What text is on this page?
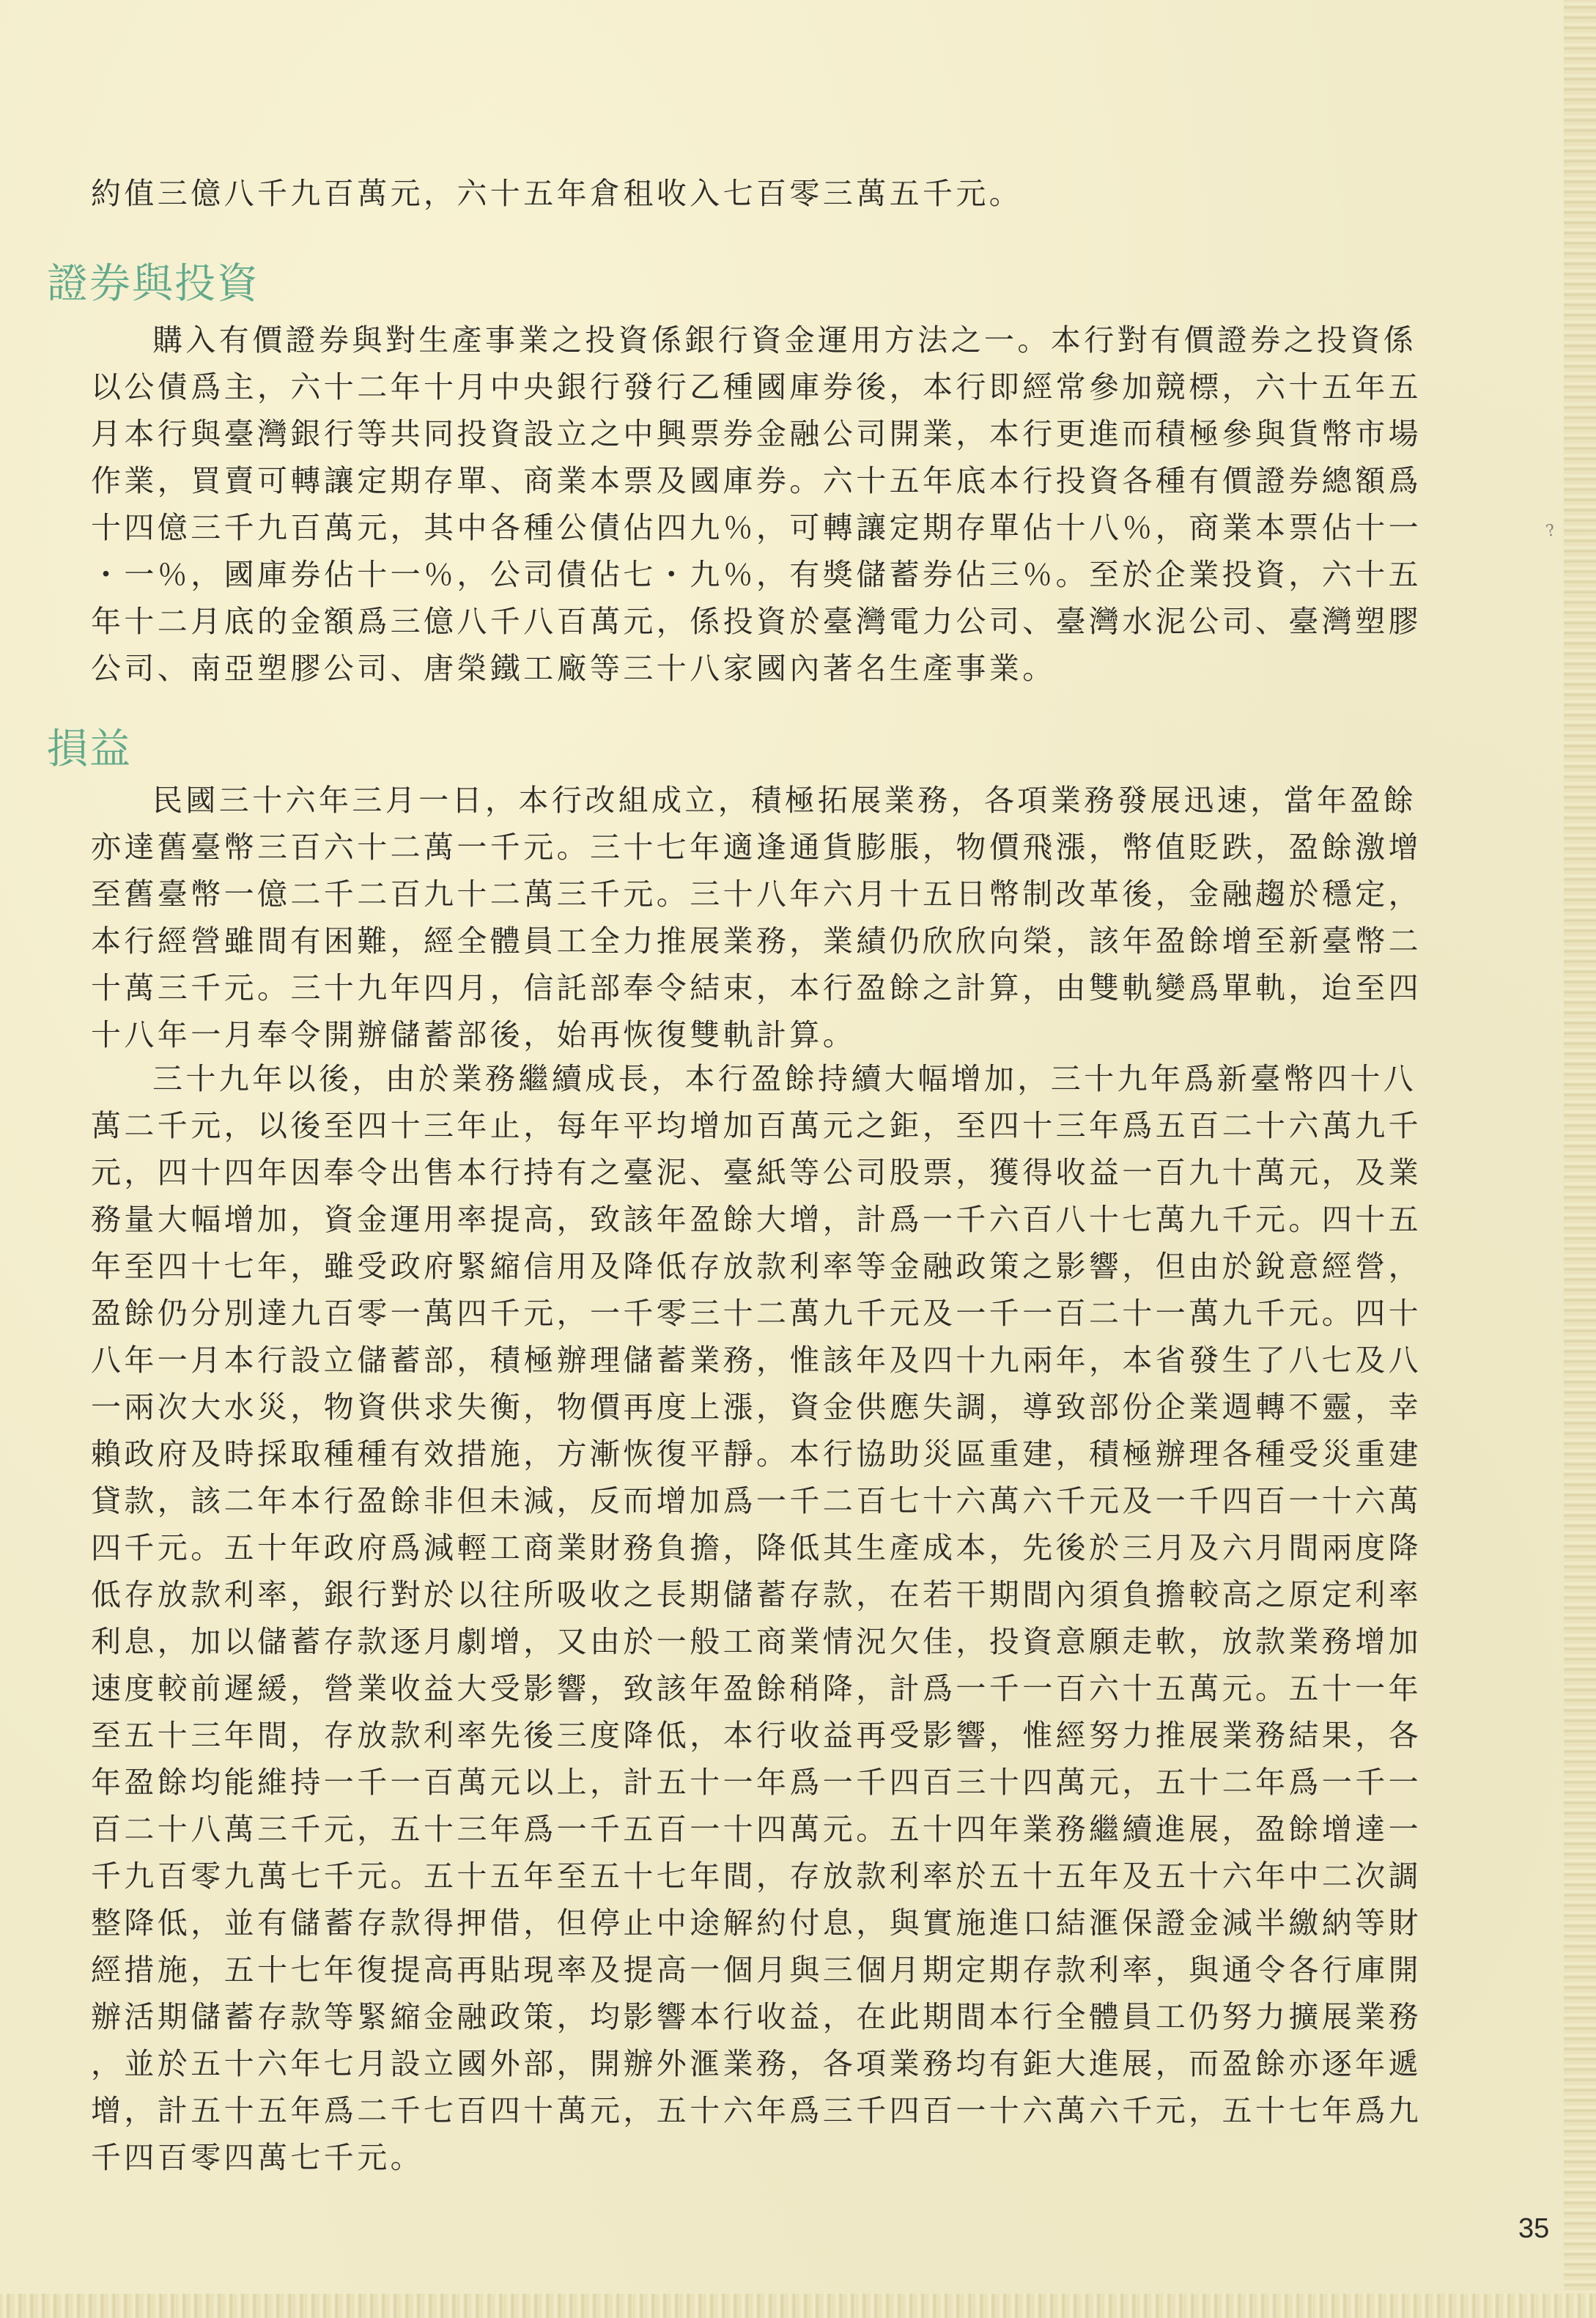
約值三億八千九百萬元，六十五年倉租收入七百零三萬五千元。
證券與投資
購入有價證券與對生產事業之投資係銀行資金運用方法之一。本行對有價證券之投資係
以公債爲主，六十二年十月中央銀行發行乙種國庫券後，本行即經常參加競標，六十五年五
月本行與臺灣銀行等共同投資設立之中興票券金融公司開業，本行更進而積極參與貨幣市場
作業，買賣可轉讓定期存單、商業本票及國庫券。六十五年底本行投資各種有價證券總額爲
十四億三千九百萬元，其中各種公債佔四九％，可轉讓定期存單佔十八％，商業本票佔十一
・一％，國庫券佔十一％，公司債佔七・九％，有獎儲蓄券佔三％。至於企業投資，六十五
年十二月底的金額爲三億八千八百萬元，係投資於臺灣電力公司、臺灣水泥公司、臺灣塑膠
公司、南亞塑膠公司、唐榮鐵工廠等三十八家國內著名生產事業。
損益
民國三十六年三月一日，本行改組成立，積極拓展業務，各項業務發展迅速，當年盈餘
亦達舊臺幣三百六十二萬一千元。三十七年適逢通貨膨脹，物價飛漲，幣值貶跌，盈餘激增
至舊臺幣一億二千二百九十二萬三千元。三十八年六月十五日幣制改革後，金融趨於穩定，
本行經營雖間有困難，經全體員工全力推展業務，業績仍欣欣向榮，該年盈餘增至新臺幣二
十萬三千元。三十九年四月，信託部奉令結束，本行盈餘之計算，由雙軌變爲單軌，迨至四
十八年一月奉令開辦儲蓄部後，始再恢復雙軌計算。
三十九年以後，由於業務繼續成長，本行盈餘持續大幅增加，三十九年爲新臺幣四十八
萬二千元，以後至四十三年止，每年平均增加百萬元之鉅，至四十三年爲五百二十六萬九千
元，四十四年因奉令出售本行持有之臺泥、臺紙等公司股票，獲得收益一百九十萬元，及業
務量大幅增加，資金運用率提高，致該年盈餘大增，計爲一千六百八十七萬九千元。四十五
年至四十七年，雖受政府緊縮信用及降低存放款利率等金融政策之影響，但由於銳意經營，
盈餘仍分別達九百零一萬四千元，一千零三十二萬九千元及一千一百二十一萬九千元。四十
八年一月本行設立儲蓄部，積極辦理儲蓄業務，惟該年及四十九兩年，本省發生了八七及八
一兩次大水災，物資供求失衡，物價再度上漲，資金供應失調，導致部份企業週轉不靈，幸
賴政府及時採取種種有效措施，方漸恢復平靜。本行協助災區重建，積極辦理各種受災重建
貸款，該二年本行盈餘非但未減，反而增加爲一千二百七十六萬六千元及一千四百一十六萬
四千元。五十年政府爲減輕工商業財務負擔，降低其生產成本，先後於三月及六月間兩度降
低存放款利率，銀行對於以往所吸收之長期儲蓄存款，在若干期間內須負擔較高之原定利率
利息，加以儲蓄存款逐月劇增，又由於一般工商業情況欠佳，投資意願走軟，放款業務增加
速度較前遲緩，營業收益大受影響，致該年盈餘稍降，計爲一千一百六十五萬元。五十一年
至五十三年間，存放款利率先後三度降低，本行收益再受影響，惟經努力推展業務結果，各
年盈餘均能維持一千一百萬元以上，計五十一年爲一千四百三十四萬元，五十二年爲一千一
百二十八萬三千元，五十三年爲一千五百一十四萬元。五十四年業務繼續進展，盈餘增達一
千九百零九萬七千元。五十五年至五十七年間，存放款利率於五十五年及五十六年中二次調
整降低，並有儲蓄存款得押借，但停止中途解約付息，與實施進口結滙保證金減半繳納等財
經措施，五十七年復提高再貼現率及提高一個月與三個月期定期存款利率，與通令各行庫開
辦活期儲蓄存款等緊縮金融政策，均影響本行收益，在此期間本行全體員工仍努力擴展業務
，並於五十六年七月設立國外部，開辦外滙業務，各項業務均有鉅大進展，而盈餘亦逐年遞
增，計五十五年爲二千七百四十萬元，五十六年爲三千四百一十六萬六千元，五十七年爲九
千四百零四萬七千元。
?
35
